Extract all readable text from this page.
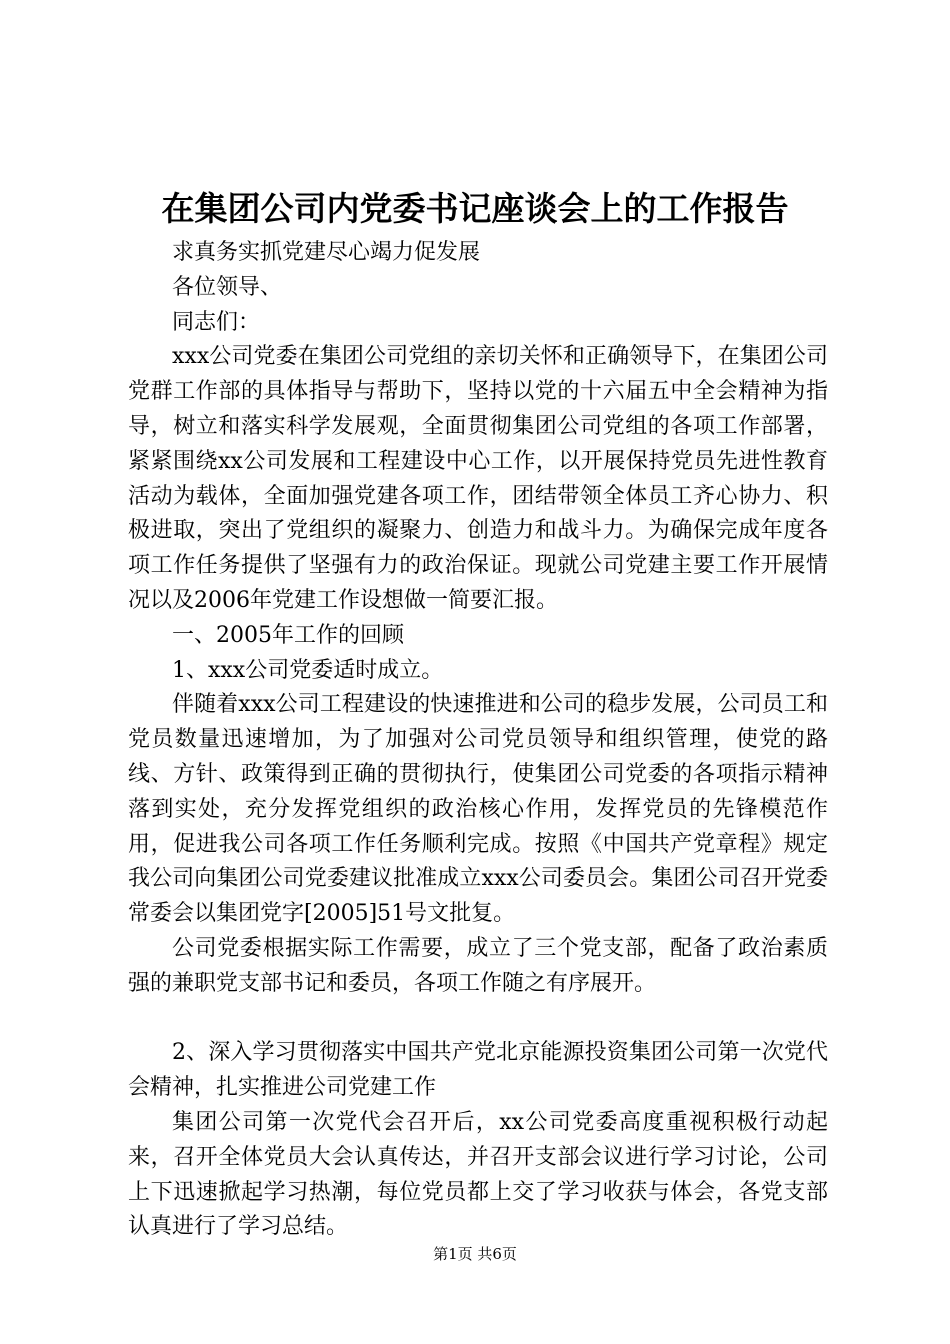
在集团公司内党委书记座谈会上的工作报告

求真务实抓党建尽心竭力促发展

各位领导、

同志们：

xxx公司党委在集团公司党组的亲切关怀和正确领导下，在集团公司党群工作部的具体指导与帮助下，坚持以党的十六届五中全会精神为指导，树立和落实科学发展观，全面贯彻集团公司党组的各项工作部署，紧紧围绕xx公司发展和工程建设中心工作，以开展保持党员先进性教育活动为载体，全面加强党建各项工作，团结带领全体员工齐心协力、积极进取，突出了党组织的凝聚力、创造力和战斗力。为确保完成年度各项工作任务提供了坚强有力的政治保证。现就公司党建主要工作开展情况以及2006年党建工作设想做一简要汇报。

一、2005年工作的回顾

1、xxx公司党委适时成立。

伴随着xxx公司工程建设的快速推进和公司的稳步发展，公司员工和党员数量迅速增加，为了加强对公司党员领导和组织管理，使党的路线、方针、政策得到正确的贯彻执行，使集团公司党委的各项指示精神落到实处，充分发挥党组织的政治核心作用，发挥党员的先锋模范作用，促进我公司各项工作任务顺利完成。按照《中国共产党章程》规定我公司向集团公司党委建议批准成立xxx公司委员会。集团公司召开党委常委会以集团党字[2005]51号文批复。

公司党委根据实际工作需要，成立了三个党支部，配备了政治素质强的兼职党支部书记和委员，各项工作随之有序展开。

2、深入学习贯彻落实中国共产党北京能源投资集团公司第一次党代会精神，扎实推进公司党建工作

集团公司第一次党代会召开后，xx公司党委高度重视积极行动起来，召开全体党员大会认真传达，并召开支部会议进行学习讨论，公司上下迅速掀起学习热潮，每位党员都上交了学习收获与体会，各党支部认真进行了学习总结。

第1页 共6页
